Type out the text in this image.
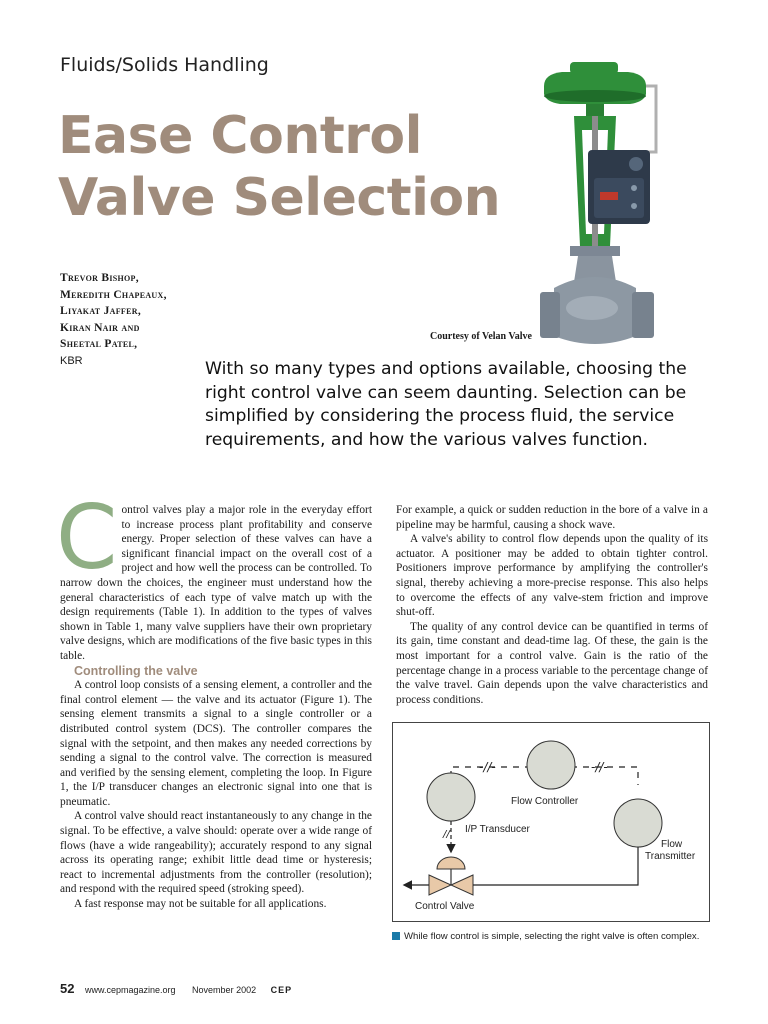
Fluids/Solids Handling
Ease Control
Valve Selection
Trevor Bishop,
Meredith Chapeaux,
Liyakat Jaffer,
Kiran Nair and
Sheetal Patel,
KBR
Courtesy of Velan Valve
With so many types and options available, choosing the right control valve can seem daunting. Selection can be simplified by considering the process fluid, the service requirements, and how the various valves function.
C ontrol valves play a major role in the everyday effort to increase process plant profitability and conserve energy. Proper selection of these valves can have a significant financial impact on the overall cost of a project and how well the process can be controlled. To narrow down the choices, the engineer must understand how the general characteristics of each type of valve match up with the design requirements (Table 1). In addition to the types of valves shown in Table 1, many valve suppliers have their own proprietary valve designs, which are modifications of the five basic types in this table.

Controlling the valve

A control loop consists of a sensing element, a controller and the final control element — the valve and its actuator (Figure 1). The sensing element transmits a signal to a single controller or a distributed control system (DCS). The controller compares the signal with the setpoint, and then makes any needed corrections by sending a signal to the control valve. The correction is measured and verified by the sensing element, completing the loop. In Figure 1, the I/P transducer changes an electronic signal into one that is pneumatic.

A control valve should react instantaneously to any change in the signal. To be effective, a valve should: operate over a wide range of flows (have a wide rangeability); accurately respond to any signal across its operating range; exhibit little dead time or hysteresis; react to incremental adjustments from the controller (resolution); and respond with the required speed (stroking speed).

A fast response may not be suitable for all applications.

For example, a quick or sudden reduction in the bore of a valve in a pipeline may be harmful, causing a shock wave.

A valve's ability to control flow depends upon the quality of its actuator. A positioner may be added to obtain tighter control. Positioners improve performance by amplifying the controller's signal, thereby achieving a more-precise response. This also helps to overcome the effects of any valve-stem friction and improve shut-off.

The quality of any control device can be quantified in terms of its gain, time constant and dead-time lag. Of these, the gain is the most important for a control valve. Gain is the ratio of the percentage change in a process variable to the percentage change of the valve travel. Gain depends upon the valve characteristics and process conditions.

-//-	-//-
Flow Controller
I/P Transducer
Flow
Transmitter
Control Valve
//
While flow control is simple, selecting the right valve is often complex.
52 www.cepmagazine.org November 2002 CEP
